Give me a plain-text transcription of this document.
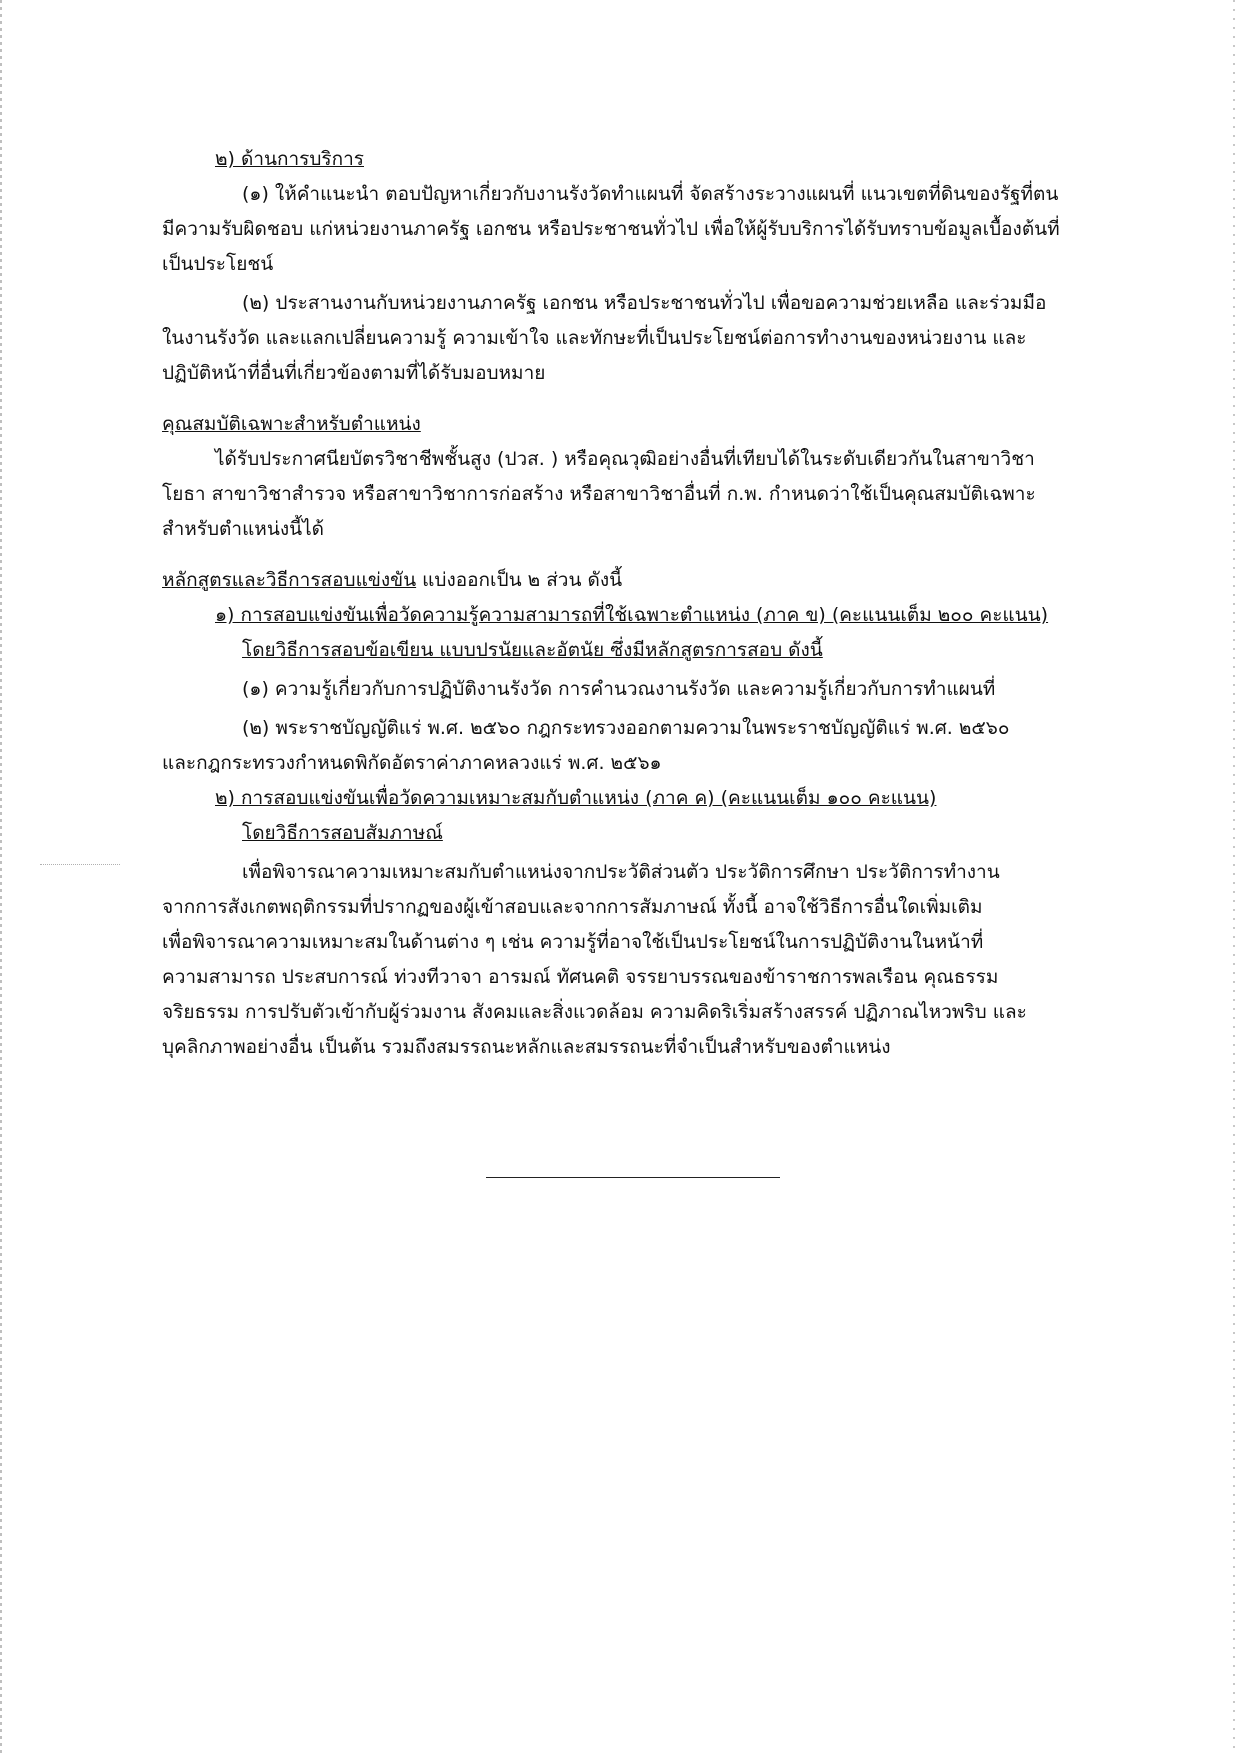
๒) ด้านการบริการ
(๑) ให้คำแนะนำ ตอบปัญหาเกี่ยวกับงานรังวัดทำแผนที่ จัดสร้างระวางแผนที่ แนวเขตที่ดินของรัฐที่ตน
มีความรับผิดชอบ แก่หน่วยงานภาครัฐ เอกชน หรือประชาชนทั่วไป เพื่อให้ผู้รับบริการได้รับทราบข้อมูลเบื้องต้นที่
เป็นประโยชน์
(๒) ประสานงานกับหน่วยงานภาครัฐ เอกชน หรือประชาชนทั่วไป เพื่อขอความช่วยเหลือ และร่วมมือ
ในงานรังวัด และแลกเปลี่ยนความรู้ ความเข้าใจ และทักษะที่เป็นประโยชน์ต่อการทำงานของหน่วยงาน และ
ปฏิบัติหน้าที่อื่นที่เกี่ยวข้องตามที่ได้รับมอบหมาย
คุณสมบัติเฉพาะสำหรับตำแหน่ง
ได้รับประกาศนียบัตรวิชาชีพชั้นสูง (ปวส. ) หรือคุณวุฒิอย่างอื่นที่เทียบได้ในระดับเดียวกันในสาขาวิชา
โยธา สาขาวิชาสำรวจ หรือสาขาวิชาการก่อสร้าง หรือสาขาวิชาอื่นที่ ก.พ. กำหนดว่าใช้เป็นคุณสมบัติเฉพาะ
สำหรับตำแหน่งนี้ได้
หลักสูตรและวิธีการสอบแข่งขัน แบ่งออกเป็น ๒ ส่วน ดังนี้
๑) การสอบแข่งขันเพื่อวัดความรู้ความสามารถที่ใช้เฉพาะตำแหน่ง (ภาค ข) (คะแนนเต็ม ๒๐๐ คะแนน)
โดยวิธีการสอบข้อเขียน แบบปรนัยและอัตนัย ซึ่งมีหลักสูตรการสอบ ดังนี้
(๑) ความรู้เกี่ยวกับการปฏิบัติงานรังวัด การคำนวณงานรังวัด และความรู้เกี่ยวกับการทำแผนที่
(๒) พระราชบัญญัติแร่ พ.ศ. ๒๕๖๐ กฎกระทรวงออกตามความในพระราชบัญญัติแร่ พ.ศ. ๒๕๖๐
และกฎกระทรวงกำหนดพิกัดอัตราค่าภาคหลวงแร่ พ.ศ. ๒๕๖๑
๒) การสอบแข่งขันเพื่อวัดความเหมาะสมกับตำแหน่ง (ภาค ค) (คะแนนเต็ม ๑๐๐ คะแนน)
โดยวิธีการสอบสัมภาษณ์
เพื่อพิจารณาความเหมาะสมกับตำแหน่งจากประวัติส่วนตัว ประวัติการศึกษา ประวัติการทำงาน
จากการสังเกตพฤติกรรมที่ปรากฏของผู้เข้าสอบและจากการสัมภาษณ์ ทั้งนี้ อาจใช้วิธีการอื่นใดเพิ่มเติม
เพื่อพิจารณาความเหมาะสมในด้านต่าง ๆ เช่น ความรู้ที่อาจใช้เป็นประโยชน์ในการปฏิบัติงานในหน้าที่
ความสามารถ ประสบการณ์ ท่วงทีวาจา อารมณ์ ทัศนคติ จรรยาบรรณของข้าราชการพลเรือน คุณธรรม
จริยธรรม การปรับตัวเข้ากับผู้ร่วมงาน สังคมและสิ่งแวดล้อม ความคิดริเริ่มสร้างสรรค์ ปฏิภาณไหวพริบ และ
บุคลิกภาพอย่างอื่น เป็นต้น รวมถึงสมรรถนะหลักและสมรรถนะที่จำเป็นสำหรับของตำแหน่ง
